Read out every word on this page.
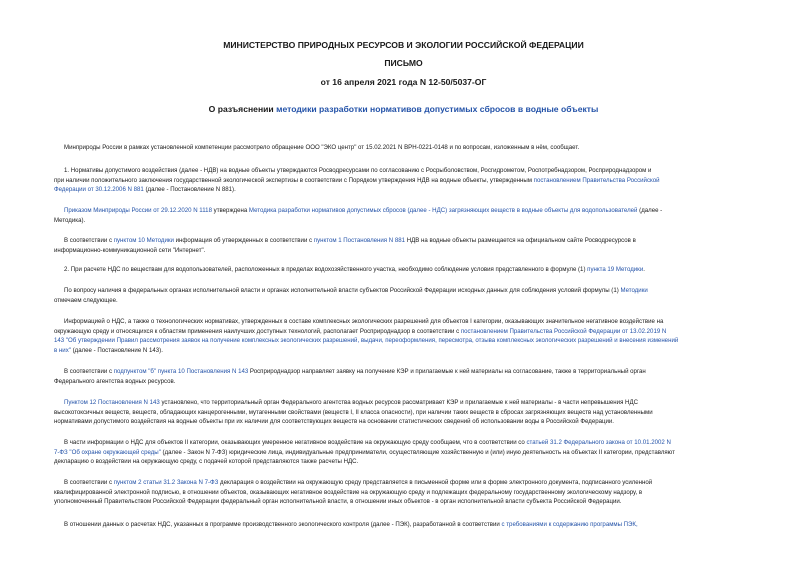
МИНИСТЕРСТВО ПРИРОДНЫХ РЕСУРСОВ И ЭКОЛОГИИ РОССИЙСКОЙ ФЕДЕРАЦИИ
ПИСЬМО
от 16 апреля 2021 года N 12-50/5037-ОГ
О разъяснении методики разработки нормативов допустимых сбросов в водные объекты
Минприроды России в рамках установленной компетенции рассмотрело обращение ООО "ЭКО центр" от 15.02.2021 N ВРН-0221-0148 и по вопросам, изложенным в нём, сообщает.
1. Нормативы допустимого воздействия (далее - НДВ) на водные объекты утверждаются Росводресурсами по согласованию с Росрыболовством, Росгидрометом, Роспотребнадзором, Росприроднадзором и
при наличии положительного заключения государственной экологической экспертизы в соответствии с Порядком утверждения НДВ на водные объекты, утвержденным постановлением Правительства Российской
Федерации от 30.12.2006 N 881 (далее - Постановление N 881).
Приказом Минприроды России от 29.12.2020 N 1118 утверждена Методика разработки нормативов допустимых сбросов (далее - НДС) загрязняющих веществ в водные объекты для водопользователей (далее -
Методика).
В соответствии с пунктом 10 Методики информация об утвержденных в соответствии с пунктом 1 Постановления N 881 НДВ на водные объекты размещается на официальном сайте Росводресурсов в
информационно-коммуникационной сети "Интернет".
2. При расчете НДС по веществам для водопользователей, расположенных в пределах водохозяйственного участка, необходимо соблюдение условия представленного в формуле (1) пункта 19 Методики.
По вопросу наличия в федеральных органах исполнительной власти и органах исполнительной власти субъектов Российской Федерации исходных данных для соблюдения условий формулы (1) Методики
отмечаем следующее.
Информацией о НДС, а также о технологических нормативах, утвержденных в составе комплексных экологических разрешений для объектов I категории, оказывающих значительное негативное воздействие на
окружающую среду и относящихся к областям применения наилучших доступных технологий, располагает Росприроднадзор в соответствии с постановлением Правительства Российской Федерации от 13.02.2019 N
143 "Об утверждении Правил рассмотрения заявок на получение комплексных экологических разрешений, выдачи, переоформления, пересмотра, отзыва комплексных экологических разрешений и внесения изменений
в них" (далее - Постановление N 143).
В соответствии с подпунктом "б" пункта 10 Постановления N 143 Росприроднадзор направляет заявку на получение КЭР и прилагаемые к ней материалы на согласование, также в территориальный орган
Федерального агентства водных ресурсов.
Пунктом 12 Постановления N 143 установлено, что территориальный орган Федерального агентства водных ресурсов рассматривает КЭР и прилагаемые к ней материалы - в части непревышения НДС
высокотоксичных веществ, веществ, обладающих канцерогенными, мутагенными свойствами (веществ I, II класса опасности), при наличии таких веществ в сбросах загрязняющих веществ над установленными
нормативами допустимого воздействия на водные объекты при их наличии для соответствующих веществ на основании статистических сведений об использовании воды в Российской Федерации.
В части информации о НДС для объектов II категории, оказывающих умеренное негативное воздействие на окружающую среду сообщаем, что в соответствии со статьей 31.2 Федерального закона от 10.01.2002 N
7-ФЗ "Об охране окружающей среды" (далее - Закон N 7-ФЗ) юридические лица, индивидуальные предприниматели, осуществляющие хозяйственную и (или) иную деятельность на объектах II категории, представляют
декларацию о воздействии на окружающую среду, с подачей которой представляются также расчеты НДС.
В соответствии с пунктом 2 статьи 31.2 Закона N 7-ФЗ декларация о воздействии на окружающую среду представляется в письменной форме или в форме электронного документа, подписанного усиленной
квалифицированной электронной подписью, в отношении объектов, оказывающих негативное воздействие на окружающую среду и подлежащих федеральному государственному экологическому надзору, в
уполномоченный Правительством Российской Федерации федеральный орган исполнительной власти, в отношении иных объектов - в орган исполнительной власти субъекта Российской Федерации.
В отношении данных о расчетах НДС, указанных в программе производственного экологического контроля (далее - ПЭК), разработанной в соответствии с требованиями к содержанию программы ПЭК,
